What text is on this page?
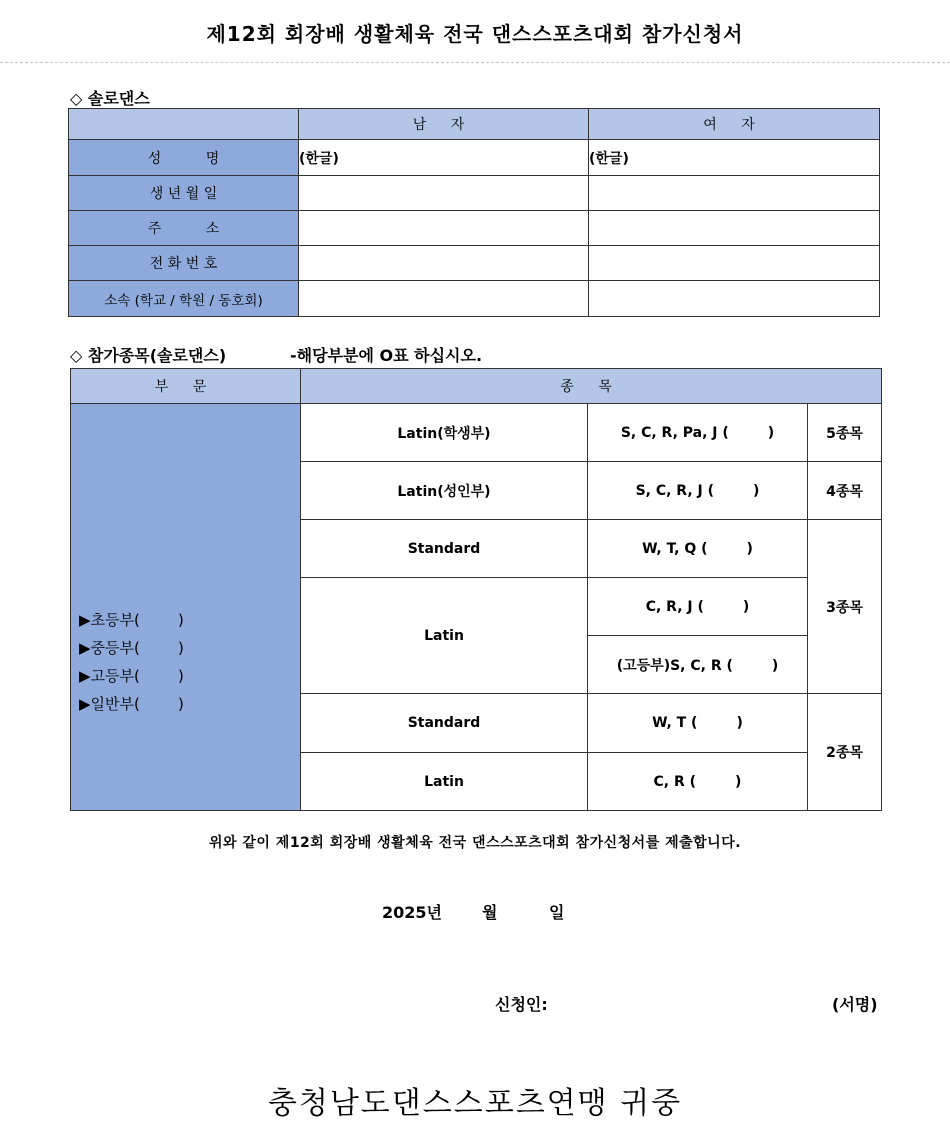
제12회 회장배 생활체육 전국 댄스스포츠대회 참가신청서
◇ 솔로댄스
	남 자	여 자
성          명	(한글)	(한글)
생 년 월 일		
주          소		
전 화 번 호		
소속 (학교 / 학원 / 동호회)		
◇ 참가종목(솔로댄스)	-해당부분에 O표 하십시오.
부 문	종 목		

▶초등부(        )
▶중등부(        )
▶고등부(        )
▶일반부(        )	Latin(학생부)	S, C, R, Pa, J (        )	5종목
	Latin(성인부)	S, C, R, J (        )	4종목
	Standard	W, T, Q (        )	3종목
	Latin	C, R, J (        )	
		(고등부)S, C, R (        )	
	Standard	W, T (        )	2종목
	Latin	C, R (        )	
위와 같이 제12회 회장배 생활체육 전국 댄스스포츠대회 참가신청서를 제출합니다.
2025년	월	일
신청인:	(서명)
충청남도댄스스포츠연맹 귀중
